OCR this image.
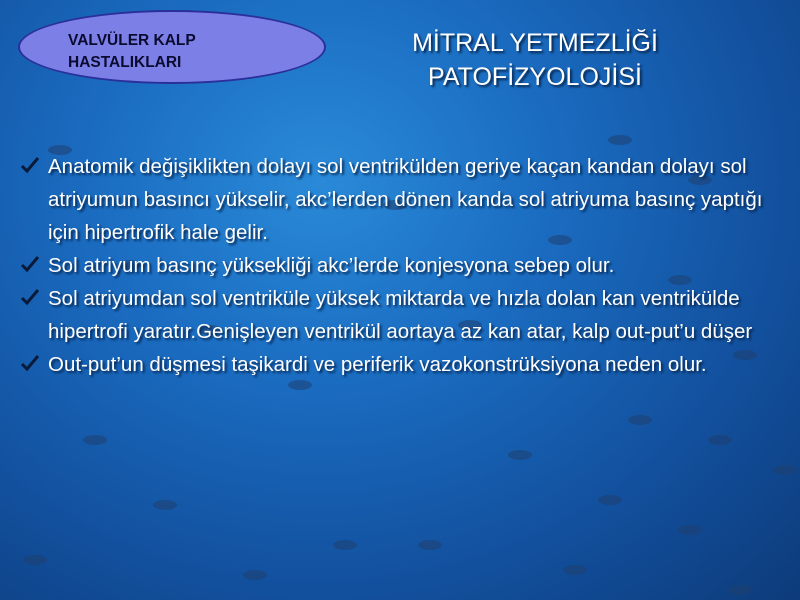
VALVÜLER KALP HASTALIKLARI
MİTRAL YETMEZLİĞİ
PATOFİZYOLOJİSİ
Anatomik değişiklikten dolayı sol ventrikülden geriye kaçan kandan dolayı sol atriyumun basıncı yükselir, akc’lerden dönen kanda sol atriyuma basınç yaptığı için hipertrofik hale gelir.
Sol atriyum basınç yüksekliği akc’lerde konjesyona sebep olur.
Sol atriyumdan sol ventriküle yüksek miktarda ve hızla dolan kan ventrikülde hipertrofi yaratır.Genişleyen ventrikül aortaya az kan atar, kalp out-put’u düşer
Out-put’un düşmesi taşikardi ve periferik vazokonstrüksiyona neden olur.
